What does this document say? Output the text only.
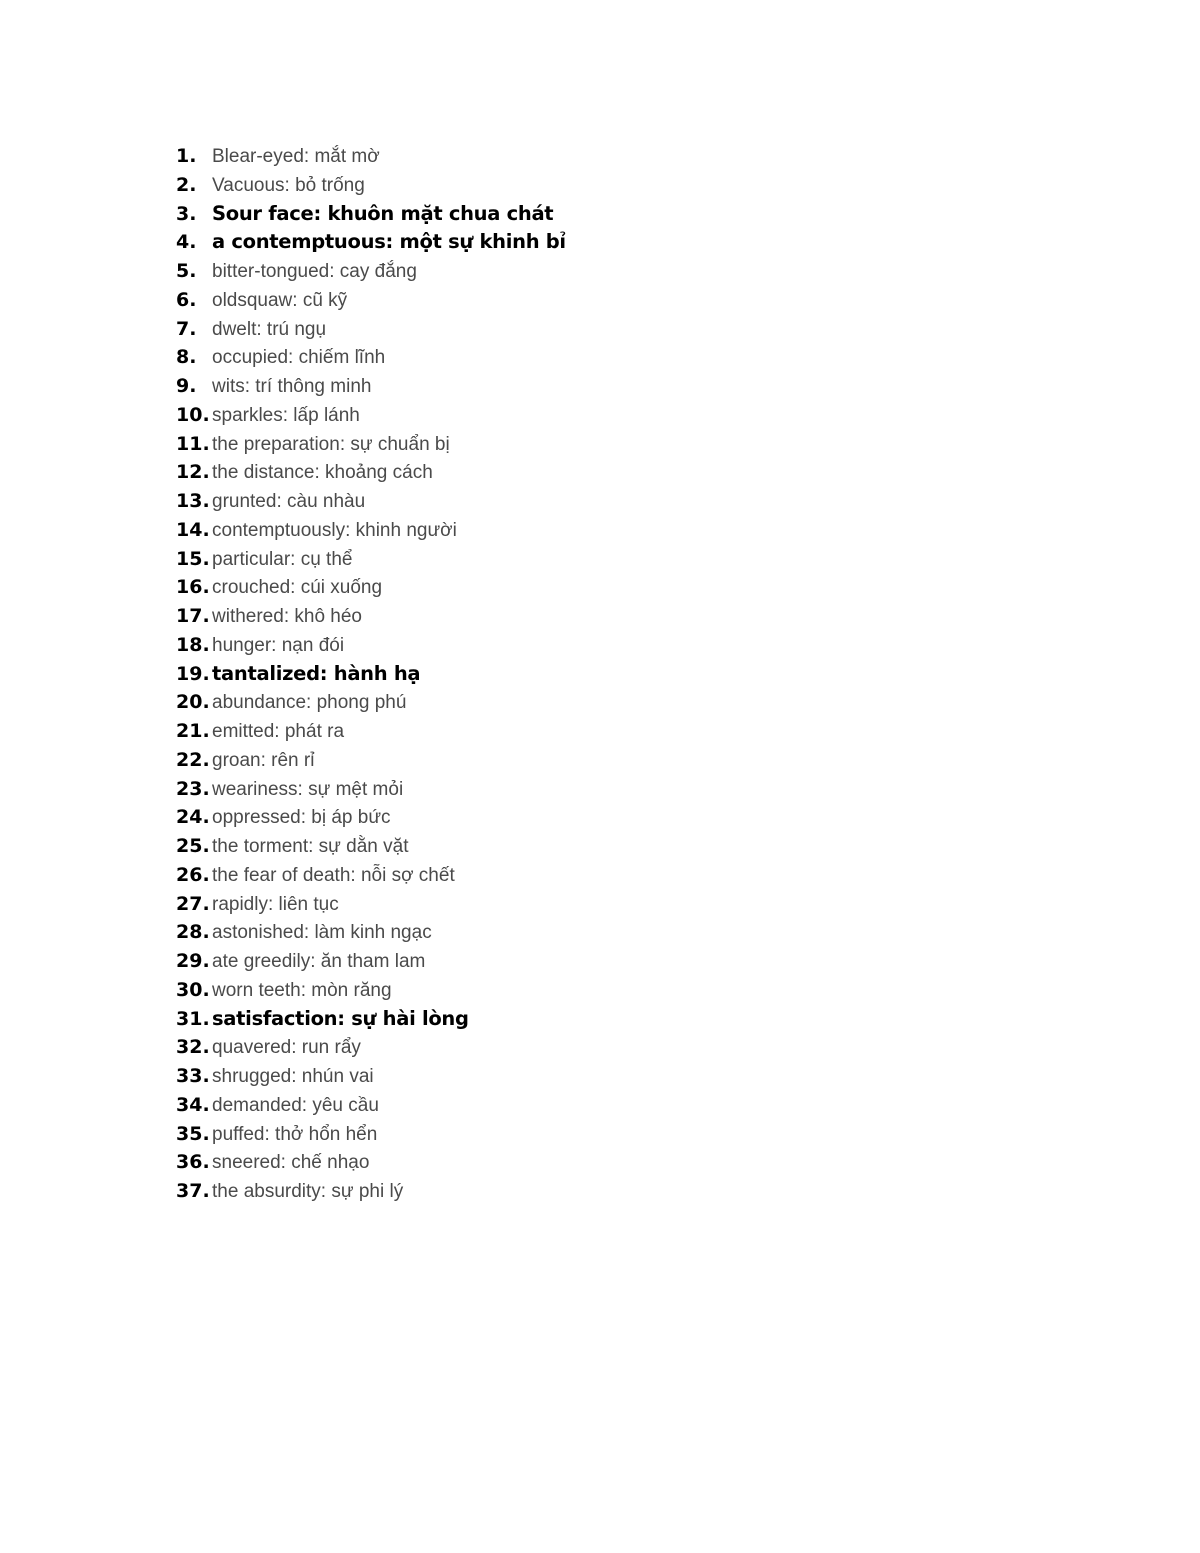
1. Blear-eyed: mắt mờ
2. Vacuous: bỏ trống
3. Sour face: khuôn mặt chua chát
4. a contemptuous: một sự khinh bỉ
5. bitter-tongued: cay đắng
6. oldsquaw: cũ kỹ
7. dwelt: trú ngụ
8. occupied: chiếm lĩnh
9. wits: trí thông minh
10. sparkles: lấp lánh
11. the preparation: sự chuẩn bị
12. the distance: khoảng cách
13. grunted: càu nhàu
14. contemptuously: khinh người
15. particular: cụ thể
16. crouched: cúi xuống
17. withered: khô héo
18. hunger: nạn đói
19. tantalized: hành hạ
20. abundance: phong phú
21. emitted: phát ra
22. groan: rên rỉ
23. weariness: sự mệt mỏi
24. oppressed: bị áp bức
25. the torment: sự dằn vặt
26. the fear of death: nỗi sợ chết
27. rapidly: liên tục
28. astonished: làm kinh ngạc
29. ate greedily: ăn tham lam
30. worn teeth: mòn răng
31. satisfaction: sự hài lòng
32. quavered: run rẩy
33. shrugged: nhún vai
34. demanded: yêu cầu
35. puffed: thở hổn hển
36. sneered: chế nhạo
37. the absurdity: sự phi lý
